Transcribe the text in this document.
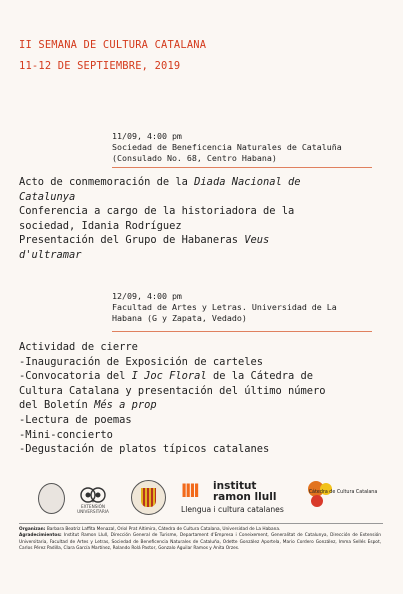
II SEMANA DE CULTURA CATALANA
11-12 DE SEPTIEMBRE, 2019
11/09, 4:00 pm
Sociedad de Beneficencia Naturales de Cataluña
(Consulado No. 68, Centro Habana)
Acto de conmemoración de la Diada Nacional de
Catalunya
Conferencia a cargo de la historiadora de la
sociedad, Idania Rodríguez
Presentación del Grupo de Habaneras Veus
d'ultramar
12/09, 4:00 pm
Facultad de Artes y Letras. Universidad de La
Habana (G y Zapata, Vedado)
Actividad de cierre
-Inauguración de Exposición de carteles
-Convocatoria del I Joc Floral de la Cátedra de
Cultura Catalana y presentación del último número
del Boletín Més a prop
-Lectura de poemas
-Mini-concierto
-Degustación de platos típicos catalanes
EXTENSIÓN UNIVERSITARIA
llll institut
ramon llull
Llengua i cultura catalanes
Cátedra de Cultura Catalana
Organizan: Barbara Beatriz Laffita Menazal, Oriol Prat Altimira, Cátedra de Cultura Catalana, Universidad de La Habana.
Agradecimientos: Institut Ramon Llull, Dirección General de Turisme, Departament d'Empresa i Coneixement, Generalitat de Catalunya, Dirección de Extensión Universitaria, Facultad de Artes y Letras, Sociedad de Beneficencia Naturales de Cataluña, Odette González Aportela, Mario Cordero González, Imma Sellés Espot, Carlos Pérez Padilla, Clara García Martínez, Rolando Rolá Pastor, Gonzalo Aguilar Ramos y Anita Orzes.
